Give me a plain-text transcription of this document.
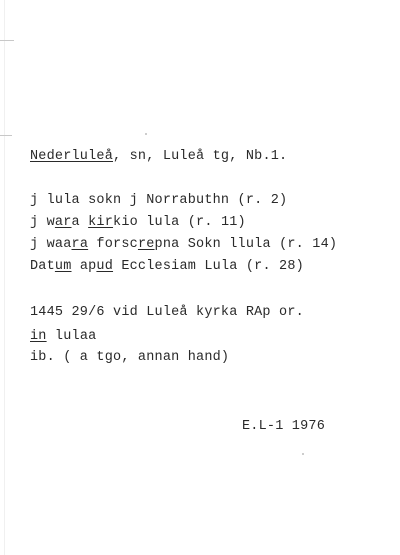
Nederluleå, sn, Luleå tg, Nb.1.
j lula sokn j Norrabuthn (r. 2)
j wara kirkio lula (r. 11)
j waara forscrepna Sokn llula (r. 14)
Datum apud Ecclesiam Lula (r. 28)
1445 29/6 vid Luleå kyrka RAp or.
in lulaa
ib. ( a tgo, annan hand)
E.L-1 1976
